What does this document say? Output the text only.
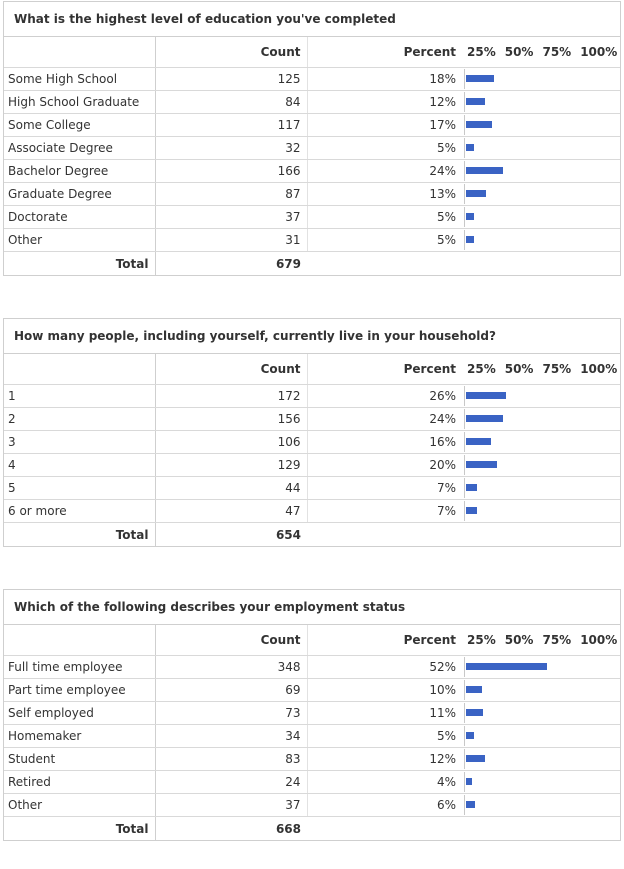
What is the highest level of education you've completed
	Count	Percent	25% 50% 75% 100%
Some High School	125	18%	

High School Graduate	84	12%	

Some College	117	17%	

Associate Degree	32	5%	

Bachelor Degree	166	24%	

Graduate Degree	87	13%	

Doctorate	37	5%	

Other	31	5%	

Total	679		
How many people, including yourself, currently live in your household?
	Count	Percent	25% 50% 75% 100%
1	172	26%	

2	156	24%	

3	106	16%	

4	129	20%	

5	44	7%	

6 or more	47	7%	

Total	654		
Which of the following describes your employment status
	Count	Percent	25% 50% 75% 100%
Full time employee	348	52%	

Part time employee	69	10%	

Self employed	73	11%	

Homemaker	34	5%	

Student	83	12%	

Retired	24	4%	

Other	37	6%	

Total	668		
